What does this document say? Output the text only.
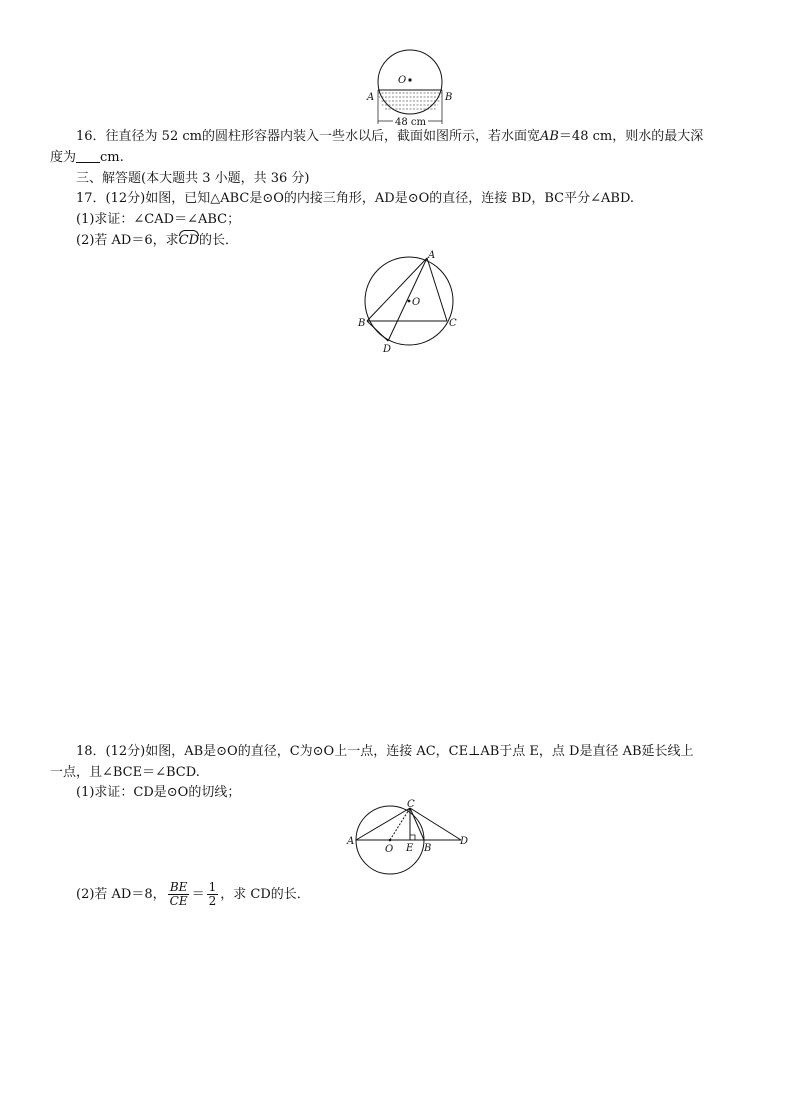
O
A	B
48 cm
16．往直径为 52 cm的圆柱形容器内装入一些水以后，截面如图所示，若水面宽AB＝48 cm，则水的最大深
度为 cm.
三、解答题(本大题共 3 小题，共 36 分)
17．(12分)如图，已知△ABC是⊙O的内接三角形，AD是⊙O的直径，连接 BD，BC平分∠ABD.
(1)求证：∠CAD＝∠ABC；
(2)若 AD＝6，求CD的长．
A
O
B	C
D
18．(12分)如图，AB是⊙O的直径，C为⊙O上一点，连接 AC，CE⊥AB于点 E，点 D是直径 AB延长线上
一点，且∠BCE＝∠BCD.
(1)求证：CD是⊙O的切线；
C
A
O E B
D
(2)若 AD＝8， $\frac{BE}{CE} = \frac{1}{2}$ ，求 CD的长．
